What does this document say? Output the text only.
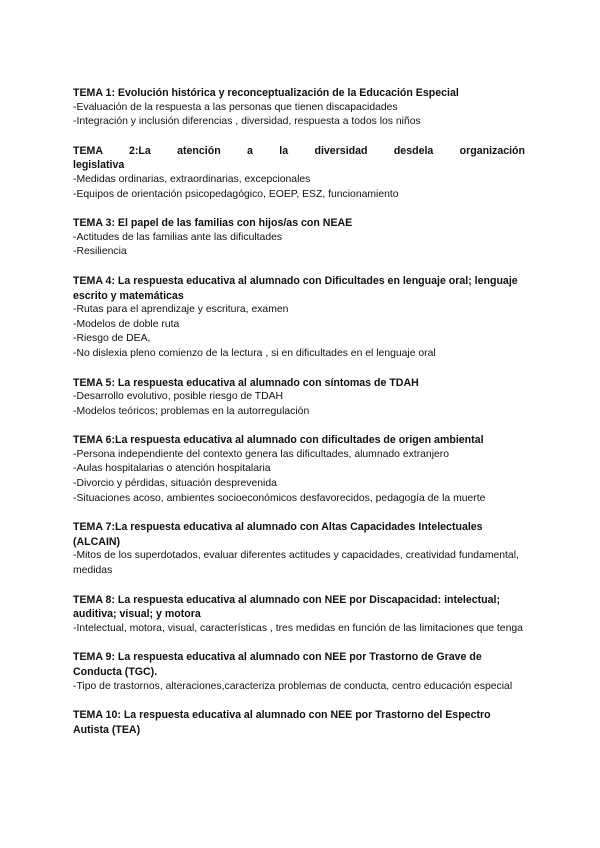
TEMA 1: Evolución histórica y reconceptualización de la Educación Especial
-Evaluación de la respuesta a las personas que tienen discapacidades
-Integración y inclusión diferencias , diversidad, respuesta a todos los niños
TEMA 2:La atención a la diversidad desdela organización
legislativa
-Medidas ordinarias, extraordinarias, excepcionales
-Equipos de orientación psicopedagógico, EOEP, ESZ, funcionamiento
TEMA 3: El papel de las familias con hijos/as con NEAE
-Actitudes de las familias ante las dificultades
-Resiliencia
TEMA 4: La respuesta educativa al alumnado con Dificultades en lenguaje oral; lenguaje escrito y matemáticas
-Rutas para el aprendizaje y escritura, examen
-Modelos de doble ruta
-Riesgo de DEA,
-No dislexia pleno comienzo de la lectura , si en dificultades en el lenguaje oral
TEMA 5: La respuesta educativa al alumnado con síntomas de TDAH
-Desarrollo evolutivo, posible riesgo de TDAH
-Modelos teóricos; problemas en la autorregulación
TEMA 6:La respuesta educativa al alumnado con dificultades de origen ambiental
-Persona independiente del contexto genera las dificultades, alumnado extranjero
-Aulas hospitalarias o atención hospitalaria
-Divorcio y pérdidas, situación desprevenida
-Situaciones acoso, ambientes socioeconómicos desfavorecidos, pedagogía de la muerte
TEMA 7:La respuesta educativa al alumnado con Altas Capacidades Intelectuales (ALCAIN)
-Mitos de los superdotados, evaluar diferentes actitudes y capacidades, creatividad fundamental, medidas
TEMA 8: La respuesta educativa al alumnado con NEE por Discapacidad: intelectual; auditiva; visual; y motora
-Intelectual, motora, visual, características , tres medidas en función de las limitaciones que tenga
TEMA 9: La respuesta educativa al alumnado con NEE por Trastorno de Grave de Conducta (TGC).
-Tipo de trastornos, alteraciones,caracteriza problemas de conducta, centro educación especial
TEMA 10: La respuesta educativa al alumnado con NEE por Trastorno del Espectro Autista (TEA)
